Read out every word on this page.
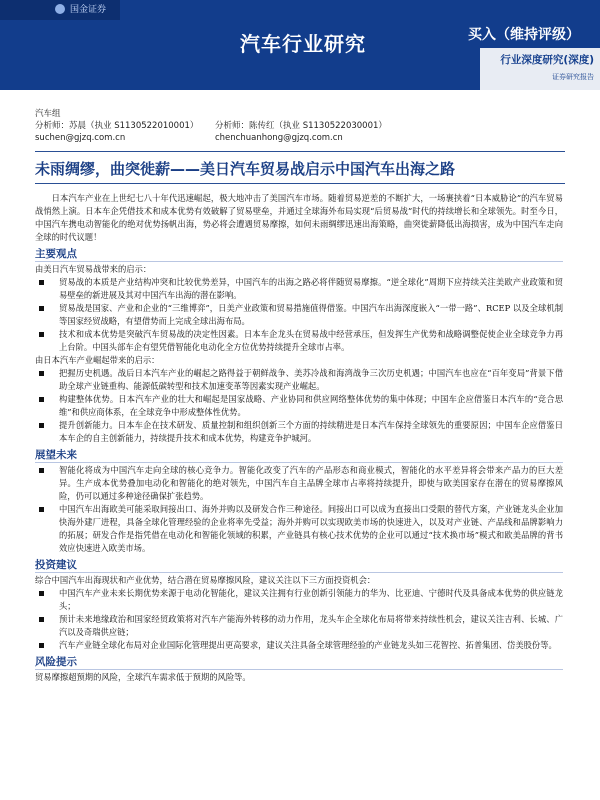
国金证券
汽车行业研究	买入（维持评级）
行业深度研究(深度)
证券研究报告
汽车组
分析师：苏晨（执业 S1130522010001）
suchen@gjzq.com.cn
分析师：陈传红（执业 S1130522030001）
chenchuanhong@gjzq.com.cn
未雨绸缪，曲突徙薪——美日汽车贸易战启示中国汽车出海之路

日本汽车产业在上世纪七八十年代迅速崛起，极大地冲击了美国汽车市场。随着贸易逆差的不断扩大，一场裹挟着“日本威胁论”的汽车贸易战悄然上演。日本车企凭借技术和成本优势有效破解了贸易壁垒，并通过全球海外布局实现“后贸易战”时代的持续增长和全球领先。时至今日，中国汽车携电动智能化的绝对优势扬帆出海，势必将会遭遇贸易摩擦，如何未雨绸缪迅速出海策略，曲突徙薪降低出海损害，成为中国汽车走向全球的时代议题！

主要观点
由美日汽车贸易战带来的启示：
贸易战的本质是产业结构冲突和比较优势差异，中国汽车的出海之路必将伴随贸易摩擦。“逆全球化”周期下应持续关注美欧产业政策和贸易壁垒的新进展及其对中国汽车出海的潜在影响。
贸易战是国家、产业和企业的“三维博弈”，日美产业政策和贸易措施值得借鉴。中国汽车出海深度嵌入“一带一路”、RCEP 以及全球机制等国家经贸战略，有望借势而上完成全球出海布局。
技术和成本优势是突破汽车贸易战的决定性因素。日本车企龙头在贸易战中经营承压，但发挥生产优势和战略调整促使企业全球竞争力再上台阶。中国头部车企有望凭借智能化电动化全方位优势持续提升全球市占率。
由日本汽车产业崛起带来的启示：
把握历史机遇。战后日本汽车产业的崛起之路得益于朝鲜战争、美苏冷战和海湾战争三次历史机遇；中国汽车也应在“百年变局”背景下借助全球产业链重构、能源低碳转型和技术加速变革等因素实现产业崛起。
构建整体优势。日本汽车产业的壮大和崛起是国家战略、产业协同和供应网络整体优势的集中体现；中国车企应借鉴日本汽车的“竞合思维”和供应商体系，在全球竞争中形成整体性优势。
提升创新能力。日本车企在技术研发、质量控制和组织创新三个方面的持续精进是日本汽车保持全球领先的重要原因；中国车企应借鉴日本车企的自主创新能力，持续提升技术和成本优势，构建竞争护城河。
展望未来
智能化将成为中国汽车走向全球的核心竞争力。智能化改变了汽车的产品形态和商业模式，智能化的水平差异将会带来产品力的巨大差异。生产成本优势叠加电动化和智能化的绝对领先，中国汽车自主品牌全球市占率将持续提升，即使与欧美国家存在潜在的贸易摩擦风险，仍可以通过多种途径确保扩张趋势。
中国汽车出海欧美可能采取间接出口、海外并购以及研发合作三种途径。间接出口可以成为直接出口受限的替代方案，产业链龙头企业加快海外建厂进程，具备全球化管理经验的企业将率先受益；海外并购可以实现欧美市场的快速进入，以及对产业链、产品线和品牌影响力的拓展；研发合作是指凭借在电动化和智能化领域的积累，产业链具有核心技术优势的企业可以通过“技术换市场”模式和欧美品牌的背书效应快速进入欧美市场。
投资建议
综合中国汽车出海现状和产业优势，结合潜在贸易摩擦风险，建议关注以下三方面投资机会：
中国汽车产业未来长期优势来源于电动化智能化，建议关注拥有行业创新引领能力的华为、比亚迪、宁德时代及具备成本优势的供应链龙头；
预计未来地缘政治和国家经贸政策将对汽车产能海外转移的动力作用，龙头车企全球化布局将带来持续性机会，建议关注吉利、长城、广汽以及奇瑞供应链；
汽车产业链全球化布局对企业国际化管理提出更高要求，建议关注具备全球管理经验的产业链龙头如三花智控、拓普集团、岱美股份等。
风险提示
贸易摩擦超预期的风险，全球汽车需求低于预期的风险等。
